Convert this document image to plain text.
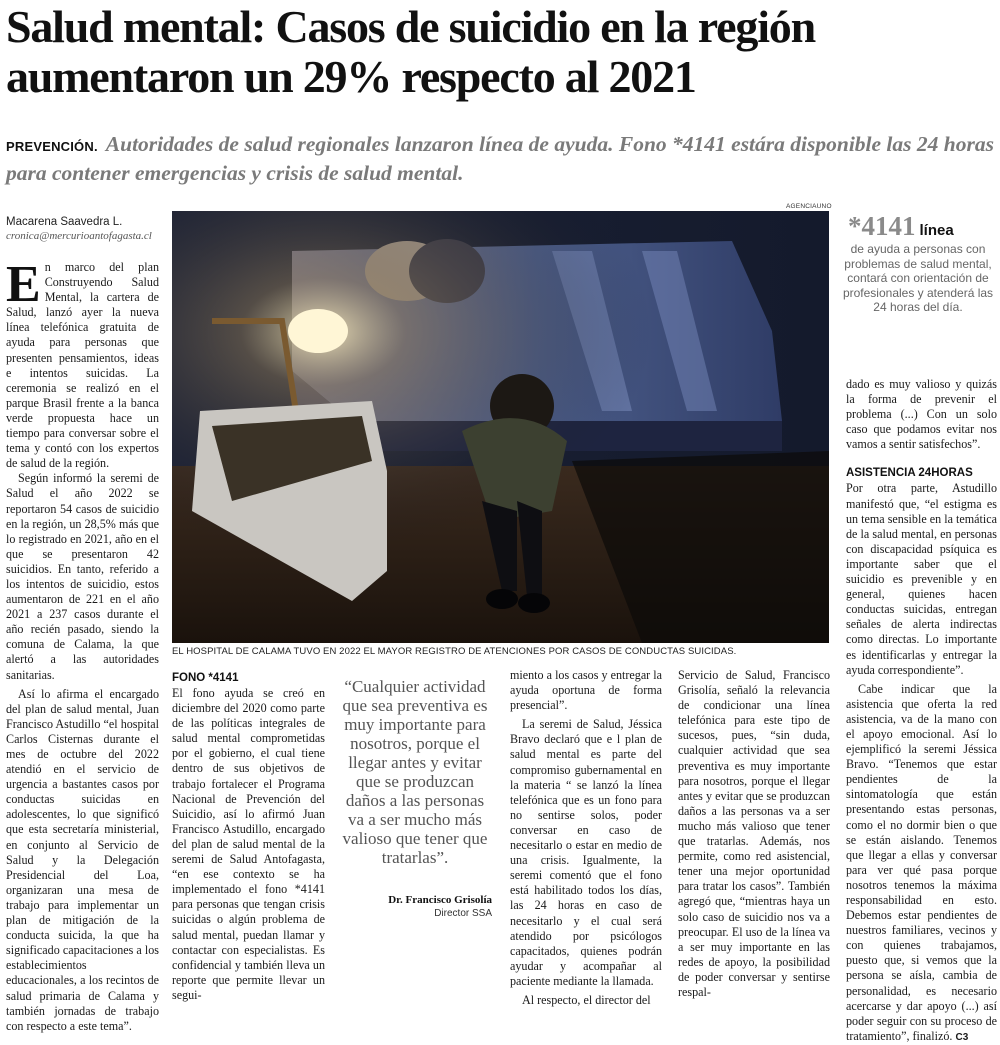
Salud mental: Casos de suicidio en la región aumentaron un 29% respecto al 2021
PREVENCIÓN. Autoridades de salud regionales lanzaron línea de ayuda. Fono *4141 estára disponible las 24 horas para contener emergencias y crisis de salud mental.
Macarena Saavedra L.
cronica@mercurioantofagasta.cl

En marco del plan Construyendo Salud Mental, la cartera de Salud, lanzó ayer la nueva línea telefónica gratuita de ayuda para personas que presenten pensamientos, ideas e intentos suicidas. La ceremonia se realizó en el parque Brasil frente a la banca verde propuesta hace un tiempo para conversar sobre el tema y contó con los expertos de salud de la región.

Según informó la seremi de Salud el año 2022 se reportaron 54 casos de suicidio en la región, un 28,5% más que lo registrado en 2021, año en el que se presentaron 42 suicidios. En tanto, referido a los intentos de suicidio, estos aumentaron de 221 en el año 2021 a 237 casos durante el año recién pasado, siendo la comuna de Calama, la que alertó a las autoridades sanitarias.

Así lo afirma el encargado del plan de salud mental, Juan Francisco Astudillo “el hospital Carlos Cisternas durante el mes de octubre del 2022 atendió en el servicio de urgencia a bastantes casos por conductas suicidas en adolescentes, lo que significó que esta secretaría ministerial, en conjunto al Servicio de Salud y la Delegación Presidencial del Loa, organizaran una mesa de trabajo para implementar un plan de mitigación de la conducta suicida, la que ha significado capacitaciones a los establecimientos educacionales, a los recintos de salud primaria de Calama y también jornadas de trabajo con respecto a este tema”.

AGENCIAUNO
EL HOSPITAL DE CALAMA TUVO EN 2022 EL MAYOR REGISTRO DE ATENCIONES POR CASOS DE CONDUCTAS SUICIDAS.
*4141 línea
de ayuda a personas con problemas de salud mental, contará con orientación de profesionales y atenderá las 24 horas del día.

dado es muy valioso y quizás la forma de prevenir el problema (...) Con un solo caso que podamos evitar nos vamos a sentir satisfechos”.

ASISTENCIA 24HORAS

Por otra parte, Astudillo manifestó que, “el estigma es un tema sensible en la temática de la salud mental, en personas con discapacidad psíquica es importante saber que el suicidio es prevenible y en general, quienes hacen conductas suicidas, entregan señales de alerta indirectas como directas. Lo importante es identificarlas y entregar la ayuda correspondiente”.

Cabe indicar que la asistencia que oferta la red asistencia, va de la mano con el apoyo emocional. Así lo ejemplificó la seremi Jéssica Bravo. “Tenemos que estar pendientes de la sintomatología que están presentando estas personas, como el no dormir bien o que se están aislando. Tenemos que llegar a ellas y conversar para ver qué pasa porque nosotros tenemos la máxima responsabilidad en esto. Debemos estar pendientes de nuestros familiares, vecinos y con quienes trabajamos, puesto que, si vemos que la persona se aísla, cambia de personalidad, es necesario acercarse y dar apoyo (...) así poder seguir con su proceso de tratamiento”, finalizó. C3

FONO *4141

El fono ayuda se creó en diciembre del 2020 como parte de las políticas integrales de salud mental comprometidas por el gobierno, el cual tiene dentro de sus objetivos de trabajo fortalecer el Programa Nacional de Prevención del Suicidio, así lo afirmó Juan Francisco Astudillo, encargado del plan de salud mental de la seremi de Salud Antofagasta, “en ese contexto se ha implementado el fono *4141 para personas que tengan crisis suicidas o algún problema de salud mental, puedan llamar y contactar con especialistas. Es confidencial y también lleva un reporte que permite llevar un segui-

“Cualquier actividad que sea preventiva es muy importante para nosotros, porque el llegar antes y evitar que se produzcan daños a las personas va a ser mucho más valioso que tener que tratarlas”.
Dr. Francisco Grisolía
Director SSA

miento a los casos y entregar la ayuda oportuna de forma presencial”.

La seremi de Salud, Jéssica Bravo declaró que e l plan de salud mental es parte del compromiso gubernamental en la materia “ se lanzó la línea telefónica que es un fono para no sentirse solos, poder conversar en caso de necesitarlo o estar en medio de una crisis. Igualmente, la seremi comentó que el fono está habilitado todos los días, las 24 horas en caso de necesitarlo y el cual será atendido por psicólogos capacitados, quienes podrán ayudar y acompañar al paciente mediante la llamada.

Al respecto, el director del

Servicio de Salud, Francisco Grisolía, señaló la relevancia de condicionar una línea telefónica para este tipo de sucesos, pues, “sin duda, cualquier actividad que sea preventiva es muy importante para nosotros, porque el llegar antes y evitar que se produzcan daños a las personas va a ser mucho más valioso que tener que tratarlas. Además, nos permite, como red asistencial, tener una mejor oportunidad para tratar los casos”. También agregó que, “mientras haya un solo caso de suicidio nos va a preocupar. El uso de la línea va a ser muy importante en las redes de apoyo, la posibilidad de poder conversar y sentirse respal-
